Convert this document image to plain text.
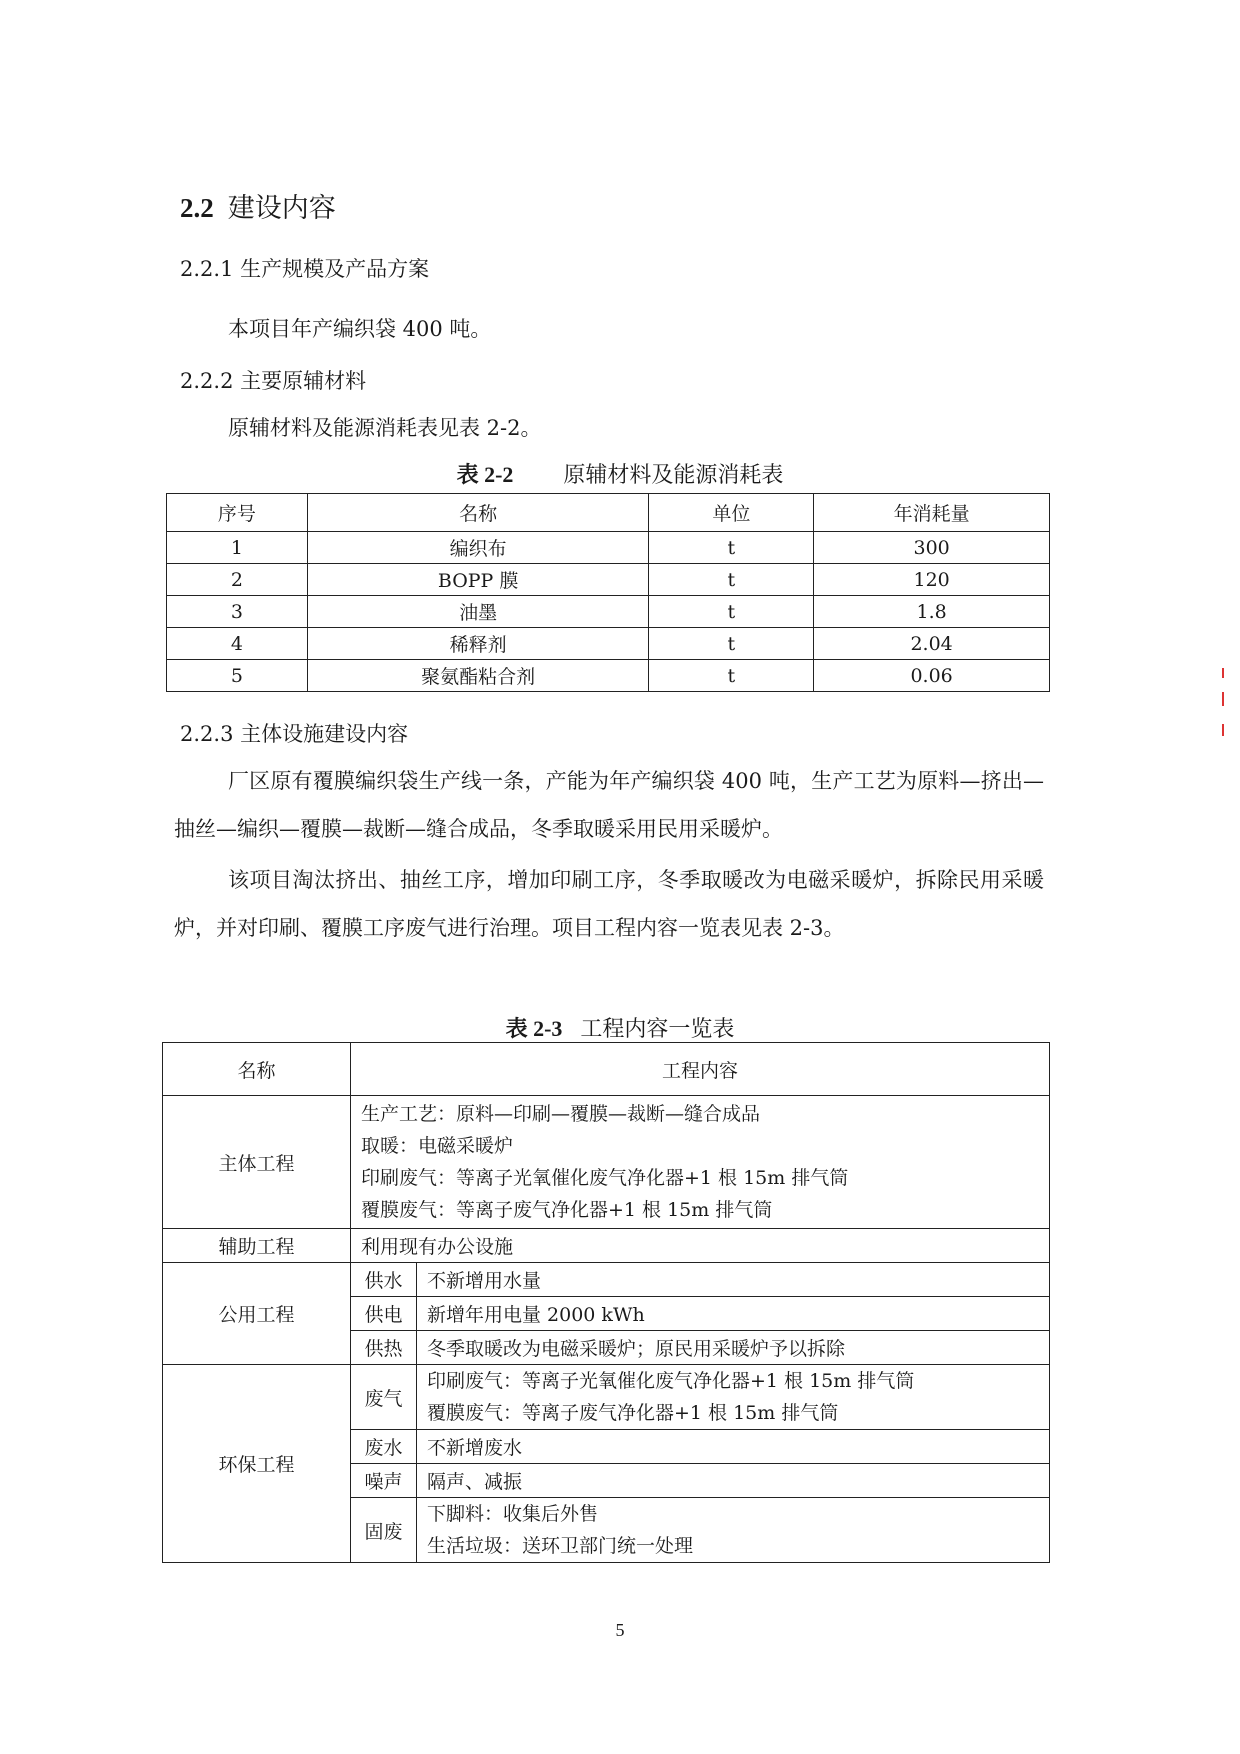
2.2 建设内容
2.2.1 生产规模及产品方案
本项目年产编织袋 400 吨。
2.2.2 主要原辅材料
原辅材料及能源消耗表见表 2-2。
表 2-2 原辅材料及能源消耗表
序号	名称	单位	年消耗量
1	编织布	t	300
2	BOPP 膜	t	120
3	油墨	t	1.8
4	稀释剂	t	2.04
5	聚氨酯粘合剂	t	0.06
2.2.3 主体设施建设内容
厂区原有覆膜编织袋生产线一条，产能为年产编织袋 400 吨，生产工艺为原料—挤出—抽丝—编织—覆膜—裁断—缝合成品，冬季取暖采用民用采暖炉。
该项目淘汰挤出、抽丝工序，增加印刷工序，冬季取暖改为电磁采暖炉，拆除民用采暖炉，并对印刷、覆膜工序废气进行治理。项目工程内容一览表见表 2-3。
表 2-3 工程内容一览表
名称	工程内容	
主体工程	生产工艺：原料—印刷—覆膜—裁断—缝合成品
取暖：电磁采暖炉
印刷废气：等离子光氧催化废气净化器+1 根 15m 排气筒
覆膜废气：等离子废气净化器+1 根 15m 排气筒	

辅助工程	利用现有办公设施	
公用工程	供水	不新增用水量
	供电	新增年用电量 2000 kWh
	供热	冬季取暖改为电磁采暖炉；原民用采暖炉予以拆除
环保工程	废气	印刷废气：等离子光氧催化废气净化器+1 根 15m 排气筒
覆膜废气：等离子废气净化器+1 根 15m 排气筒

	废水	不新增废水
	噪声	隔声、减振
	固废	下脚料：收集后外售
生活垃圾：送环卫部门统一处理
5
